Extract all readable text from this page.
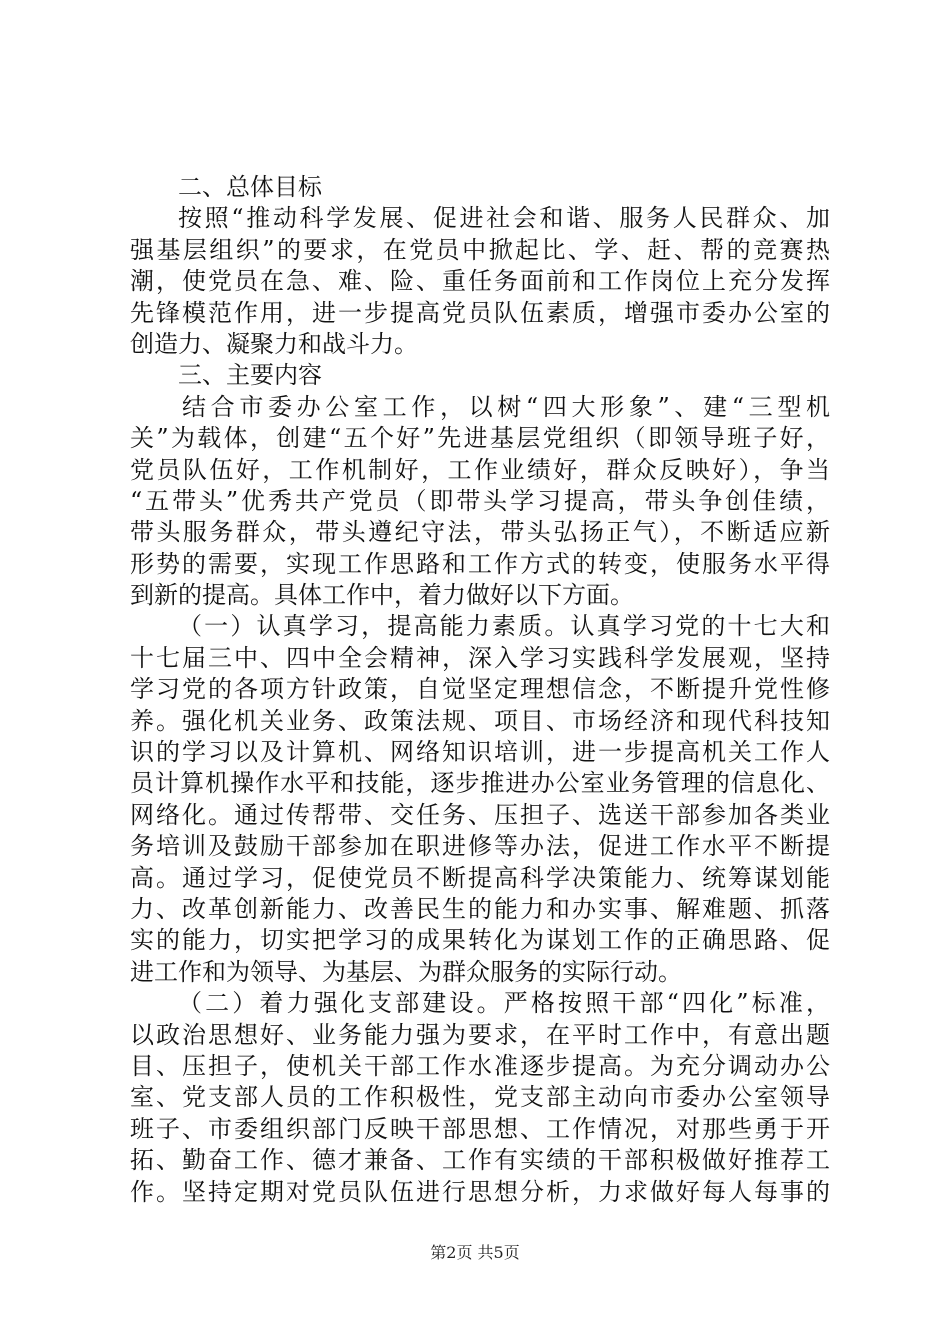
二、总体目标
按照“推动科学发展、促进社会和谐、服务人民群众、加
强基层组织”的要求，在党员中掀起比、学、赶、帮的竞赛热
潮，使党员在急、难、险、重任务面前和工作岗位上充分发挥
先锋模范作用，进一步提高党员队伍素质，增强市委办公室的
创造力、凝聚力和战斗力。
三、主要内容
结合市委办公室工作，以树“四大形象”、建“三型机
关”为载体，创建“五个好”先进基层党组织（即领导班子好，
党员队伍好，工作机制好，工作业绩好，群众反映好），争当
“五带头”优秀共产党员（即带头学习提高，带头争创佳绩，
带头服务群众，带头遵纪守法，带头弘扬正气），不断适应新
形势的需要，实现工作思路和工作方式的转变，使服务水平得
到新的提高。具体工作中，着力做好以下方面。
（一）认真学习，提高能力素质。认真学习党的十七大和
十七届三中、四中全会精神，深入学习实践科学发展观，坚持
学习党的各项方针政策，自觉坚定理想信念，不断提升党性修
养。强化机关业务、政策法规、项目、市场经济和现代科技知
识的学习以及计算机、网络知识培训，进一步提高机关工作人
员计算机操作水平和技能，逐步推进办公室业务管理的信息化、
网络化。通过传帮带、交任务、压担子、选送干部参加各类业
务培训及鼓励干部参加在职进修等办法，促进工作水平不断提
高。通过学习，促使党员不断提高科学决策能力、统筹谋划能
力、改革创新能力、改善民生的能力和办实事、解难题、抓落
实的能力，切实把学习的成果转化为谋划工作的正确思路、促
进工作和为领导、为基层、为群众服务的实际行动。
（二）着力强化支部建设。严格按照干部“四化”标准，
以政治思想好、业务能力强为要求，在平时工作中，有意出题
目、压担子，使机关干部工作水准逐步提高。为充分调动办公
室、党支部人员的工作积极性，党支部主动向市委办公室领导
班子、市委组织部门反映干部思想、工作情况，对那些勇于开
拓、勤奋工作、德才兼备、工作有实绩的干部积极做好推荐工
作。坚持定期对党员队伍进行思想分析，力求做好每人每事的
第2页 共5页
